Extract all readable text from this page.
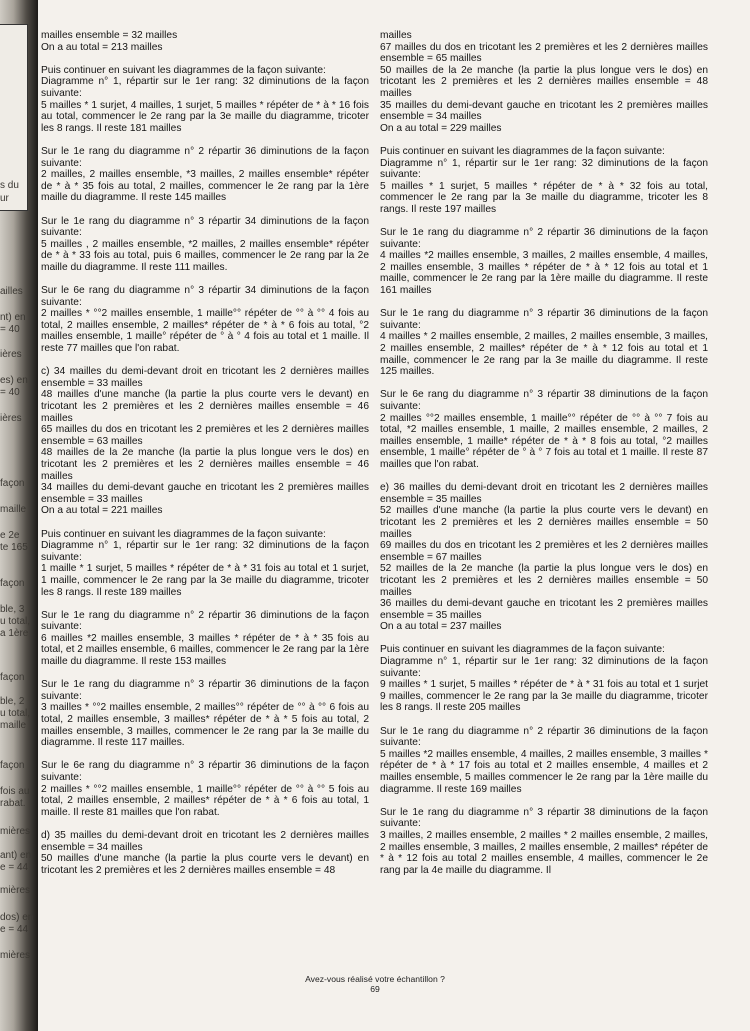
s du
ur
ailles
nt) en
= 40
ières
es) en
= 40
ières
façon
maille
e 2e
te 165
façon
ble, 3
u total,
a 1ère
façon
ble, 2
u total,
maille
façon
fois au
rabat.
mières
ant) en
e = 44
mières
dos) en
e = 44
mières

mailles ensemble = 32 mailles
On a au total = 213 mailles

Puis continuer en suivant les diagrammes de la façon suivante:
Diagramme n° 1, répartir sur le 1er rang: 32 diminutions de la façon suivante:
5 mailles * 1 surjet, 4 mailles, 1 surjet, 5 mailles * répéter de * à * 16 fois au total, commencer le 2e rang par la 3e maille du diagramme, tricoter les 8 rangs. Il reste 181 mailles

Sur le 1e rang du diagramme n° 2 répartir 36 diminutions de la façon suivante:
2 mailles, 2 mailles ensemble, *3 mailles, 2 mailles ensemble* répéter de * à * 35 fois au total, 2 mailles, commencer le 2e rang par la 1ère maille du diagramme. Il reste 145 mailles

Sur le 1e rang du diagramme n° 3 répartir 34 diminutions de la façon suivante:
5 mailles , 2 mailles ensemble, *2 mailles, 2 mailles ensemble* répéter de * à * 33 fois au total, puis 6 mailles, commencer le 2e rang par la 2e maille du diagramme. Il reste 111 mailles.

Sur le 6e rang du diagramme n° 3 répartir 34 diminutions de la façon suivante:
2 mailles * °°2 mailles ensemble, 1 maille°° répéter de °° à °° 4 fois au total, 2 mailles ensemble, 2 mailles* répéter de * à * 6 fois au total, °2 mailles ensemble, 1 maille° répéter de ° à ° 4 fois au total et 1 maille. Il reste 77 mailles que l'on rabat.

c) 34 mailles du demi-devant droit en tricotant les 2 dernières mailles ensemble = 33 mailles
48 mailles d'une manche (la partie la plus courte vers le devant) en tricotant les 2 premières et les 2 dernières mailles ensemble = 46 mailles
65 mailles du dos en tricotant les 2 premières et les 2 dernières mailles ensemble = 63 mailles
48 mailles de la 2e manche (la partie la plus longue vers le dos) en tricotant les 2 premières et les 2 dernières mailles ensemble = 46 mailles
34 mailles du demi-devant gauche en tricotant les 2 premières mailles ensemble = 33 mailles
On a au total = 221 mailles

Puis continuer en suivant les diagrammes de la façon suivante:
Diagramme n° 1, répartir sur le 1er rang: 32 diminutions de la façon suivante:
1 maille * 1 surjet, 5 mailles * répéter de * à * 31 fois au total et 1 surjet, 1 maille, commencer le 2e rang par la 3e maille du diagramme, tricoter les 8 rangs. Il reste 189 mailles

Sur le 1e rang du diagramme n° 2 répartir 36 diminutions de la façon suivante:
6 mailles *2 mailles ensemble, 3 mailles * répéter de * à * 35 fois au total, et 2 mailles ensemble, 6 mailles, commencer le 2e rang par la 1ère maille du diagramme. Il reste 153 mailles

Sur le 1e rang du diagramme n° 3 répartir 36 diminutions de la façon suivante:
3 mailles * °°2 mailles ensemble, 2 mailles°° répéter de °° à °° 6 fois au total, 2 mailles ensemble, 3 mailles* répéter de * à * 5 fois au total, 2 mailles ensemble, 3 mailles, commencer le 2e rang par la 3e maille du diagramme. Il reste 117 mailles.

Sur le 6e rang du diagramme n° 3 répartir 36 diminutions de la façon suivante:
2 mailles * °°2 mailles ensemble, 1 maille°° répéter de °° à °° 5 fois au total, 2 mailles ensemble, 2 mailles* répéter de * à * 6 fois au total, 1 maille. Il reste 81 mailles que l'on rabat.

d) 35 mailles du demi-devant droit en tricotant les 2 dernières mailles ensemble = 34 mailles
50 mailles d'une manche (la partie la plus courte vers le devant) en tricotant les 2 premières et les 2 dernières mailles ensemble = 48

mailles
67 mailles du dos en tricotant les 2 premières et les 2 dernières mailles ensemble = 65 mailles
50 mailles de la 2e manche (la partie la plus longue vers le dos) en tricotant les 2 premières et les 2 dernières mailles ensemble = 48 mailles
35 mailles du demi-devant gauche en tricotant les 2 premières mailles ensemble = 34 mailles
On a au total = 229 mailles

Puis continuer en suivant les diagrammes de la façon suivante:
Diagramme n° 1, répartir sur le 1er rang: 32 diminutions de la façon suivante:
5 mailles * 1 surjet, 5 mailles * répéter de * à * 32 fois au total, commencer le 2e rang par la 3e maille du diagramme, tricoter les 8 rangs. Il reste 197 mailles

Sur le 1e rang du diagramme n° 2 répartir 36 diminutions de la façon suivante:
4 mailles *2 mailles ensemble, 3 mailles, 2 mailles ensemble, 4 mailles, 2 mailles ensemble, 3 mailles * répéter de * à * 12 fois au total et 1 maille, commencer le 2e rang par la 1ère maille du diagramme. Il reste 161 mailles

Sur le 1e rang du diagramme n° 3 répartir 36 diminutions de la façon suivante:
4 mailles * 2 mailles ensemble, 2 mailles, 2 mailles ensemble, 3 mailles, 2 mailles ensemble, 2 mailles* répéter de * à * 12 fois au total et 1 maille, commencer le 2e rang par la 3e maille du diagramme. Il reste 125 mailles.

Sur le 6e rang du diagramme n° 3 répartir 38 diminutions de la façon suivante:
2 mailles °°2 mailles ensemble, 1 maille°° répéter de °° à °° 7 fois au total, *2 mailles ensemble, 1 maille, 2 mailles ensemble, 2 mailles, 2 mailles ensemble, 1 maille* répéter de * à * 8 fois au total, °2 mailles ensemble, 1 maille° répéter de ° à ° 7 fois au total et 1 maille. Il reste 87 mailles que l'on rabat.

e) 36 mailles du demi-devant droit en tricotant les 2 dernières mailles ensemble = 35 mailles
52 mailles d'une manche (la partie la plus courte vers le devant) en tricotant les 2 premières et les 2 dernières mailles ensemble = 50 mailles
69 mailles du dos en tricotant les 2 premières et les 2 dernières mailles ensemble = 67 mailles
52 mailles de la 2e manche (la partie la plus longue vers le dos) en tricotant les 2 premières et les 2 dernières mailles ensemble = 50 mailles
36 mailles du demi-devant gauche en tricotant les 2 premières mailles ensemble = 35 mailles
On a au total = 237 mailles

Puis continuer en suivant les diagrammes de la façon suivante:
Diagramme n° 1, répartir sur le 1er rang: 32 diminutions de la façon suivante:
9 mailles * 1 surjet, 5 mailles * répéter de * à * 31 fois au total et 1 surjet 9 mailles, commencer le 2e rang par la 3e maille du diagramme, tricoter les 8 rangs. Il reste 205 mailles

Sur le 1e rang du diagramme n° 2 répartir 36 diminutions de la façon suivante:
5 mailles *2 mailles ensemble, 4 mailles, 2 mailles ensemble, 3 mailles * répéter de * à * 17 fois au total et 2 mailles ensemble, 4 mailles et 2 mailles ensemble, 5 mailles commencer le 2e rang par la 1ère maille du diagramme. Il reste 169 mailles

Sur le 1e rang du diagramme n° 3 répartir 38 diminutions de la façon suivante:
3 mailles, 2 mailles ensemble, 2 mailles * 2 mailles ensemble, 2 mailles, 2 mailles ensemble, 3 mailles, 2 mailles ensemble, 2 mailles* répéter de * à * 12 fois au total 2 mailles ensemble, 4 mailles, commencer le 2e rang par la 4e maille du diagramme. Il

Avez-vous réalisé votre échantillon ?
69
